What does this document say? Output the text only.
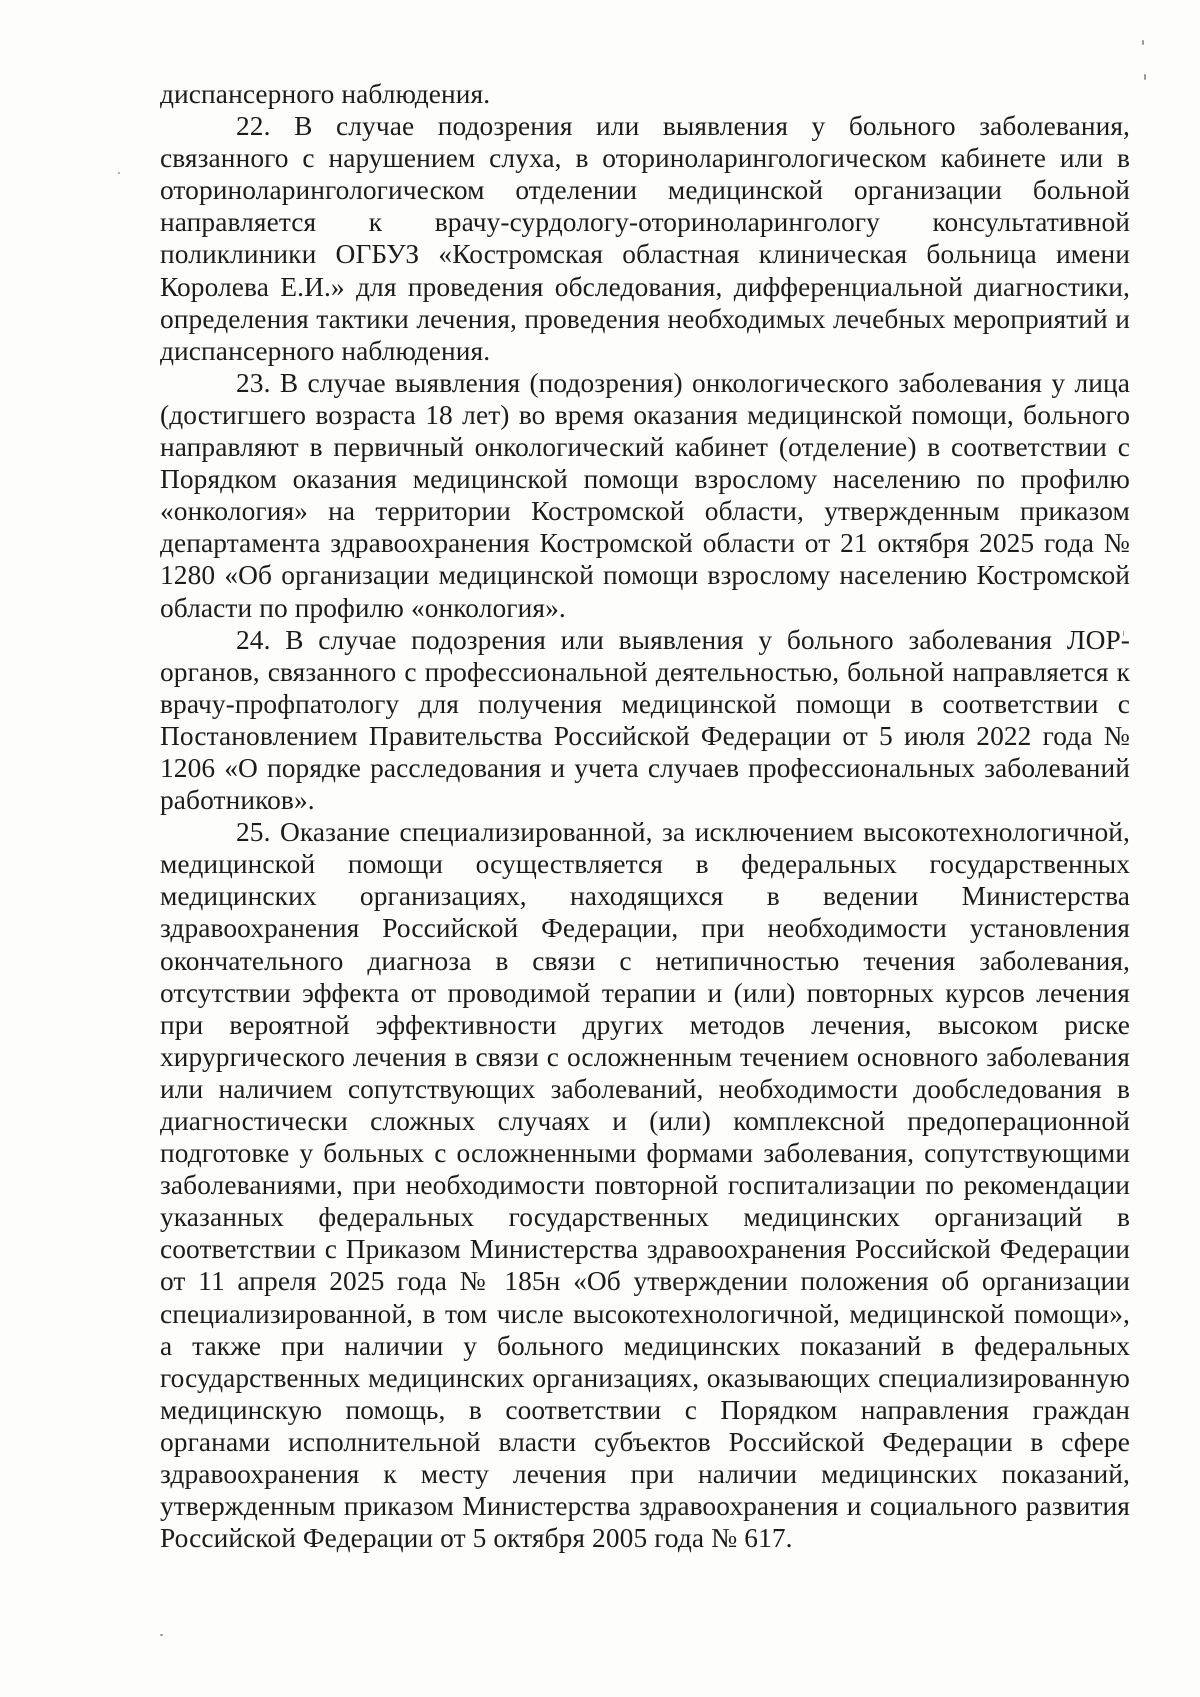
диспансерного наблюдения.

22. В случае подозрения или выявления у больного заболевания, связанного с нарушением слуха, в оториноларингологическом кабинете или в оториноларингологическом отделении медицинской организации больной направляется к врачу-сурдологу-оториноларингологу консультативной поликлиники ОГБУЗ «Костромская областная клиническая больница имени Королева Е.И.» для проведения обследования, дифференциальной диагностики, определения тактики лечения, проведения необходимых лечебных мероприятий и диспансерного наблюдения.

23. В случае выявления (подозрения) онкологического заболевания у лица (достигшего возраста 18 лет) во время оказания медицинской помощи, больного направляют в первичный онкологический кабинет (отделение) в соответствии с Порядком оказания медицинской помощи взрослому населению по профилю «онкология» на территории Костромской области, утвержденным приказом департамента здравоохранения Костромской области от 21 октября 2025 года № 1280 «Об организации медицинской помощи взрослому населению Костромской области по профилю «онкология».

24. В случае подозрения или выявления у больного заболевания ЛОР-органов, связанного с профессиональной деятельностью, больной направляется к врачу-профпатологу для получения медицинской помощи в соответствии с Постановлением Правительства Российской Федерации от 5 июля 2022 года № 1206 «О порядке расследования и учета случаев профессиональных заболеваний работников».

25. Оказание специализированной, за исключением высокотехнологичной, медицинской помощи осуществляется в федеральных государственных медицинских организациях, находящихся в ведении Министерства здравоохранения Российской Федерации, при необходимости установления окончательного диагноза в связи с нетипичностью течения заболевания, отсутствии эффекта от проводимой терапии и (или) повторных курсов лечения при вероятной эффективности других методов лечения, высоком риске хирургического лечения в связи с осложненным течением основного заболевания или наличием сопутствующих заболеваний, необходимости дообследования в диагностически сложных случаях и (или) комплексной предоперационной подготовке у больных с осложненными формами заболевания, сопутствующими заболеваниями, при необходимости повторной госпитализации по рекомендации указанных федеральных государственных медицинских организаций в соответствии с Приказом Министерства здравоохранения Российской Федерации от 11 апреля 2025 года № 185н «Об утверждении положения об организации специализированной, в том числе высокотехнологичной, медицинской помощи», а также при наличии у больного медицинских показаний в федеральных государственных медицинских организациях, оказывающих специализированную медицинскую помощь, в соответствии с Порядком направления граждан органами исполнительной власти субъектов Российской Федерации в сфере здравоохранения к месту лечения при наличии медицинских показаний, утвержденным приказом Министерства здравоохранения и социального развития Российской Федерации от 5 октября 2005 года № 617.
